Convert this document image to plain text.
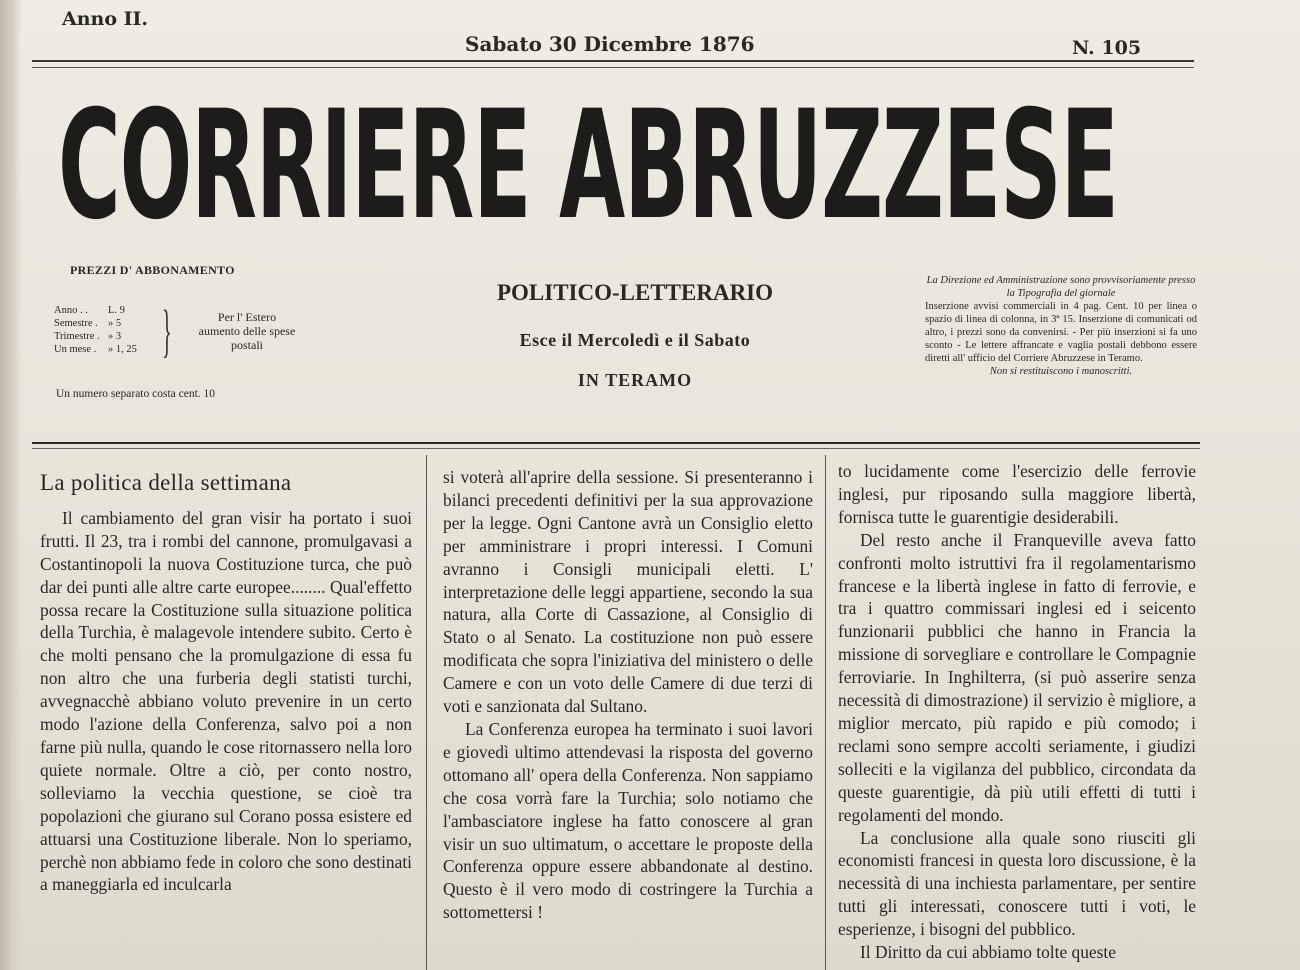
Anno II.
Sabato 30 Dicembre 1876	N. 105
CORRIERE ABRUZZESE
PREZZI D' ABBONAMENTO
Anno . .	L. 9
Semestre . » 5
Trimestre . » 3
Un mese .	» 1, 25 }	Per l' Estero
aumento delle spese
postali
Un numero separato costa cent. 10
POLITICO-LETTERARIO
Esce il Mercoledì e il Sabato
IN TERAMO
La Direzione ed Amministrazione sono provvisoriamente presso la Tipografia del giornale
Inserzione avvisi commerciali in 4 pag. Cent. 10 per linea o spazio di linea di colonna, in 3ª 15. Inserzione di comunicati od altro, i prezzi sono da convenirsi. - Per più inserzioni si fa uno sconto - Le lettere affrancate e vaglia postali debbono essere diretti all' ufficio del Corriere Abruzzese in Teramo.
Non si restituiscono i manoscritti.

La politica della settimana

Il cambiamento del gran visir ha portato i suoi frutti. Il 23, tra i rombi del cannone, promulgavasi a Costantinopoli la nuova Costituzione turca, che può dar dei punti alle altre carte europee........ Qual'effetto possa recare la Costituzione sulla situazione politica della Turchia, è malagevole intendere subito. Certo è che molti pensano che la promulgazione di essa fu non altro che una furberia degli statisti turchi, avvegnacchè abbiano voluto prevenire in un certo modo l'azione della Conferenza, salvo poi a non farne più nulla, quando le cose ritornassero nella loro quiete normale. Oltre a ciò, per conto nostro, solleviamo la vecchia questione, se cioè tra popolazioni che giurano sul Corano possa esistere ed attuarsi una Costituzione liberale. Non lo speriamo, perchè non abbiamo fede in coloro che sono destinati a maneggiarla ed inculcarla

si voterà all'aprire della sessione. Si presenteranno i bilanci precedenti definitivi per la sua approvazione per la legge. Ogni Cantone avrà un Consiglio eletto per amministrare i propri interessi. I Comuni avranno i Consigli municipali eletti. L' interpretazione delle leggi appartiene, secondo la sua natura, alla Corte di Cassazione, al Consiglio di Stato o al Senato. La costituzione non può essere modificata che sopra l'iniziativa del ministero o delle Camere e con un voto delle Camere di due terzi di voti e sanzionata dal Sultano.

La Conferenza europea ha terminato i suoi lavori e giovedì ultimo attendevasi la risposta del governo ottomano all' opera della Conferenza. Non sappiamo che cosa vorrà fare la Turchia; solo notiamo che l'ambasciatore inglese ha fatto conoscere al gran visir un suo ultimatum, o accettare le proposte della Conferenza oppure essere abbandonate al destino. Questo è il vero modo di costringere la Turchia a sottomettersi !

to lucidamente come l'esercizio delle ferrovie inglesi, pur riposando sulla maggiore libertà, fornisca tutte le guarentigie desiderabili.

Del resto anche il Franqueville aveva fatto confronti molto istruttivi fra il regolamentarismo francese e la libertà inglese in fatto di ferrovie, e tra i quattro commissari inglesi ed i seicento funzionarii pubblici che hanno in Francia la missione di sorvegliare e controllare le Compagnie ferroviarie. In Inghilterra, (si può asserire senza necessità di dimostrazione) il servizio è migliore, a miglior mercato, più rapido e più comodo; i reclami sono sempre accolti seriamente, i giudizi solleciti e la vigilanza del pubblico, circondata da queste guarentigie, dà più utili effetti di tutti i regolamenti del mondo.

La conclusione alla quale sono riusciti gli economisti francesi in questa loro discussione, è la necessità di una inchiesta parlamentare, per sentire tutti gli interessati, conoscere tutti i voti, le esperienze, i bisogni del pubblico.

Il Diritto da cui abbiamo tolte queste
